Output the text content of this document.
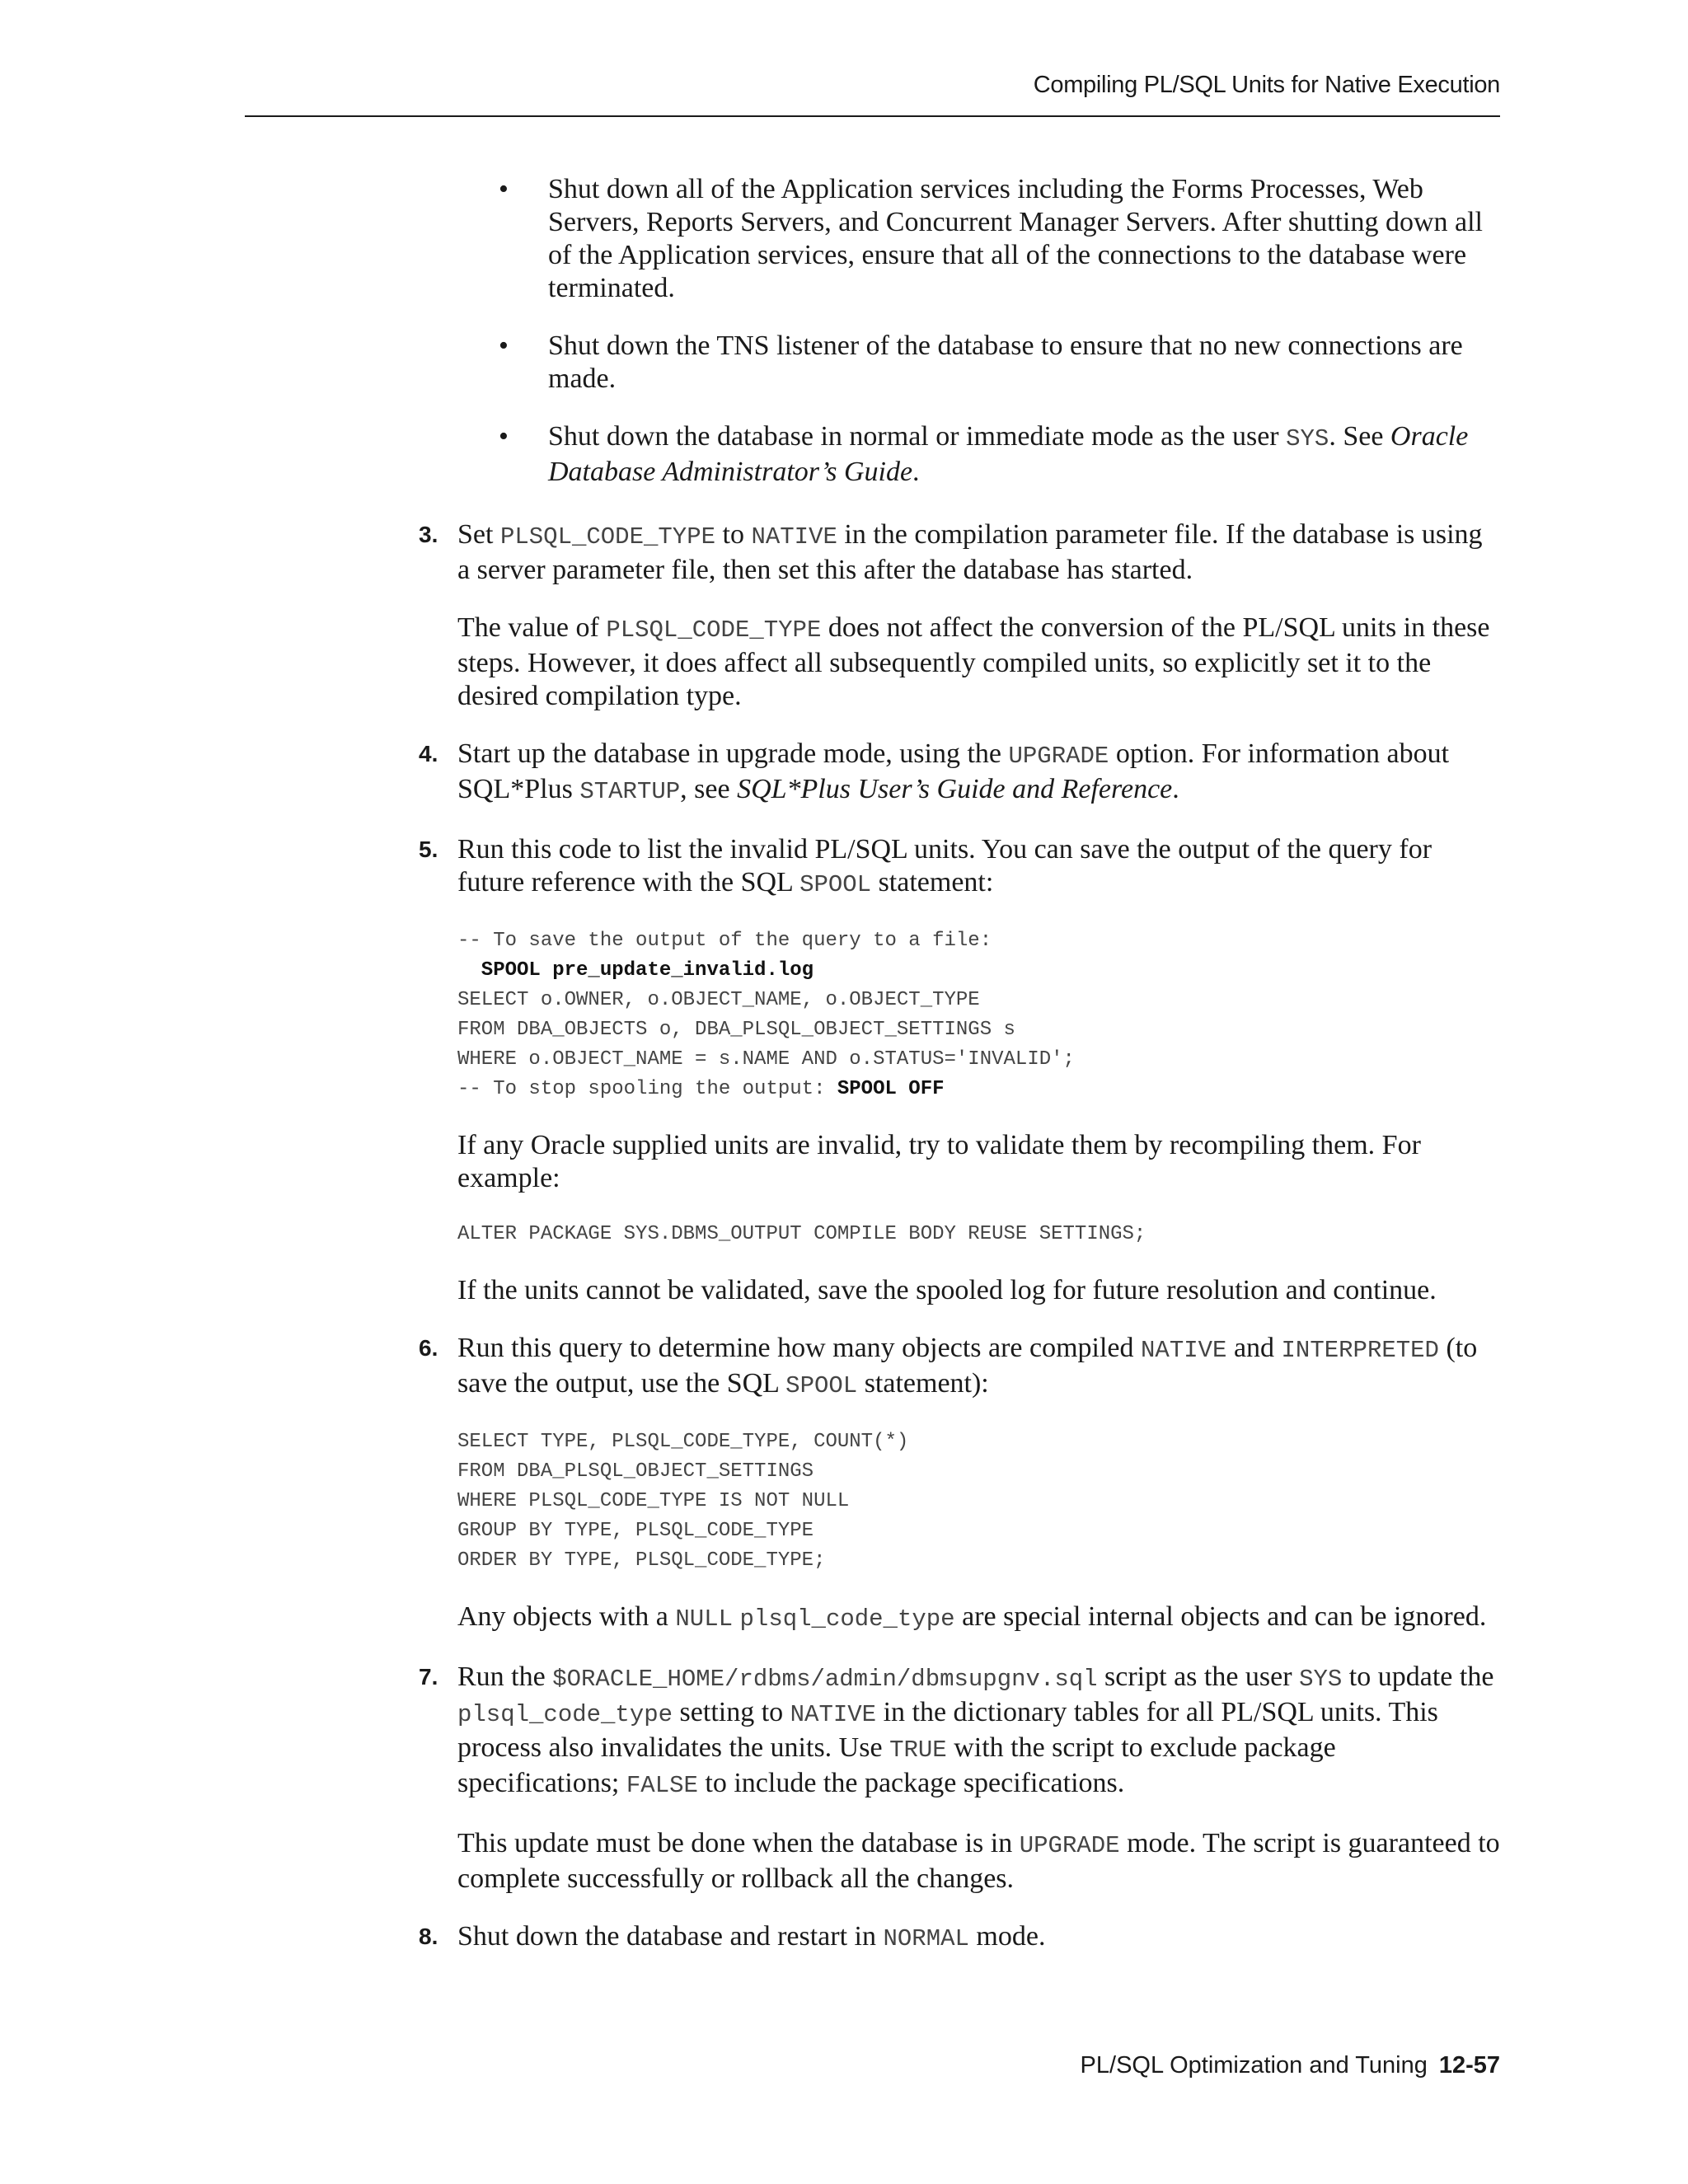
Compiling PL/SQL Units for Native Execution
• Shut down all of the Application services including the Forms Processes, Web Servers, Reports Servers, and Concurrent Manager Servers. After shutting down all of the Application services, ensure that all of the connections to the database were terminated.
• Shut down the TNS listener of the database to ensure that no new connections are made.
• Shut down the database in normal or immediate mode as the user SYS. See Oracle Database Administrator’s Guide.
3. Set PLSQL_CODE_TYPE to NATIVE in the compilation parameter file. If the database is using a server parameter file, then set this after the database has started.

The value of PLSQL_CODE_TYPE does not affect the conversion of the PL/SQL units in these steps. However, it does affect all subsequently compiled units, so explicitly set it to the desired compilation type.

4. Start up the database in upgrade mode, using the UPGRADE option. For information about SQL*Plus STARTUP, see SQL*Plus User’s Guide and Reference.

5. Run this code to list the invalid PL/SQL units. You can save the output of the query for future reference with the SQL SPOOL statement:

-- To save the output of the query to a file:
SPOOL pre_update_invalid.log
SELECT o.OWNER, o.OBJECT_NAME, o.OBJECT_TYPE
FROM DBA_OBJECTS o, DBA_PLSQL_OBJECT_SETTINGS s
WHERE o.OBJECT_NAME = s.NAME AND o.STATUS='INVALID';
-- To stop spooling the output: SPOOL OFF

If any Oracle supplied units are invalid, try to validate them by recompiling them. For example:

ALTER PACKAGE SYS.DBMS_OUTPUT COMPILE BODY REUSE SETTINGS;

If the units cannot be validated, save the spooled log for future resolution and continue.

6. Run this query to determine how many objects are compiled NATIVE and INTERPRETED (to save the output, use the SQL SPOOL statement):

SELECT TYPE, PLSQL_CODE_TYPE, COUNT(*)
FROM DBA_PLSQL_OBJECT_SETTINGS
WHERE PLSQL_CODE_TYPE IS NOT NULL
GROUP BY TYPE, PLSQL_CODE_TYPE
ORDER BY TYPE, PLSQL_CODE_TYPE;

Any objects with a NULL plsql_code_type are special internal objects and can be ignored.

7. Run the $ORACLE_HOME/rdbms/admin/dbmsupgnv.sql script as the user SYS to update the plsql_code_type setting to NATIVE in the dictionary tables for all PL/SQL units. This process also invalidates the units. Use TRUE with the script to exclude package specifications; FALSE to include the package specifications.

This update must be done when the database is in UPGRADE mode. The script is guaranteed to complete successfully or rollback all the changes.

8. Shut down the database and restart in NORMAL mode.

PL/SQL Optimization and Tuning 12-57
